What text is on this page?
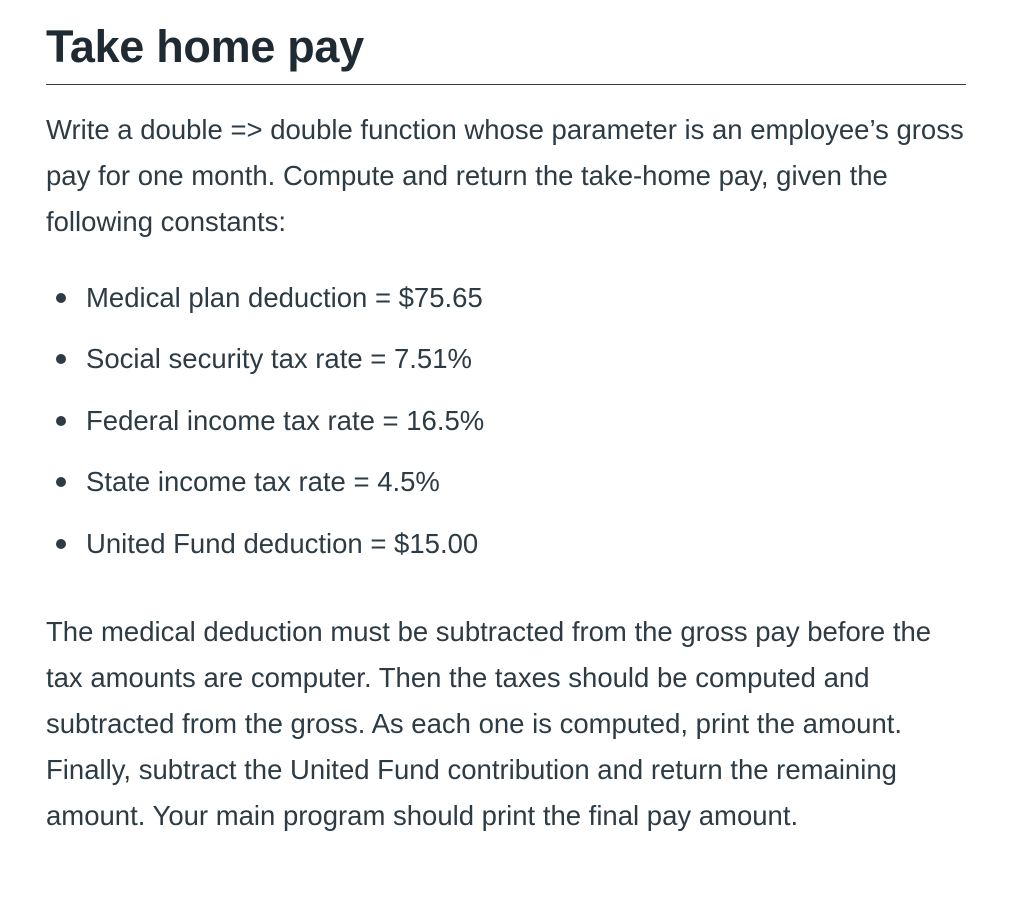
Take home pay

Write a double => double function whose parameter is an employee’s gross pay for one month. Compute and return the take-home pay, given the following constants:

Medical plan deduction = $75.65
Social security tax rate = 7.51%
Federal income tax rate = 16.5%
State income tax rate = 4.5%
United Fund deduction = $15.00

The medical deduction must be subtracted from the gross pay before the tax amounts are computer. Then the taxes should be computed and subtracted from the gross. As each one is computed, print the amount. Finally, subtract the United Fund contribution and return the remaining amount. Your main program should print the final pay amount.
